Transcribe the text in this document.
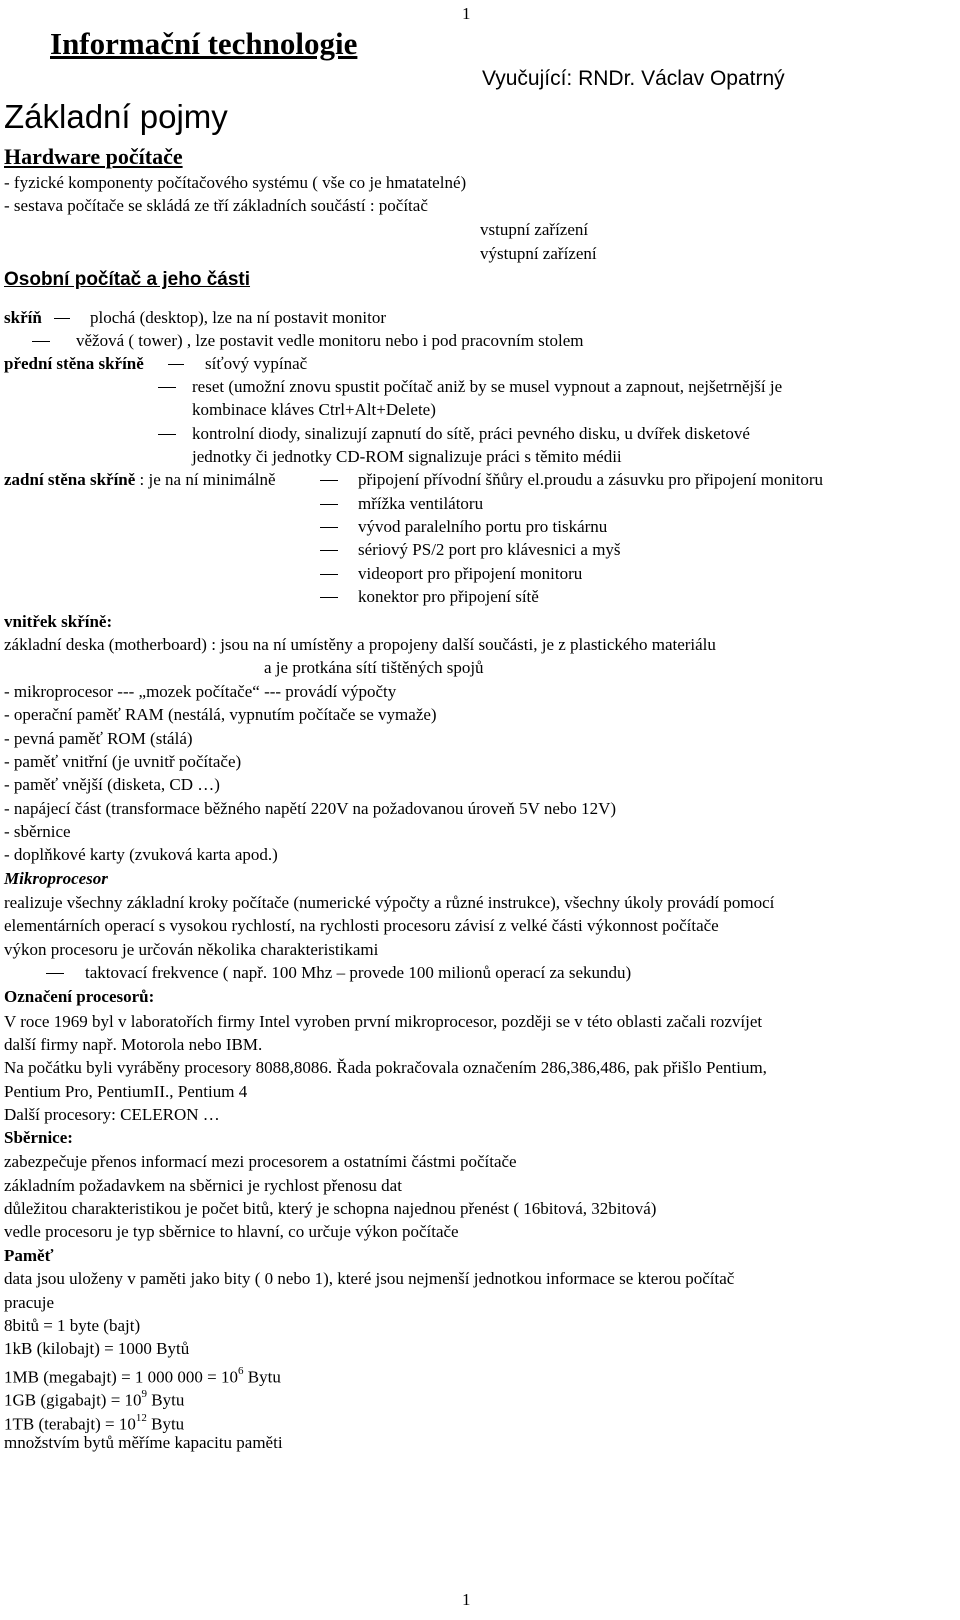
1
Informační technologie
Vyučující: RNDr. Václav Opatrný
Základní pojmy
Hardware počítače
- fyzické komponenty počítačového systému ( vše co je hmatatelné)
- sestava počítače se skládá ze tří základních součástí : počítač
vstupní zařízení
výstupní zařízení
Osobní počítač a jeho části
skříň	plochá (desktop), lze na ní postavit monitor
věžová ( tower) , lze postavit vedle monitoru nebo i pod pracovním stolem
přední stěna skříně	síťový vypínač
reset (umožní znovu spustit počítač aniž by se musel vypnout a zapnout, nejšetrnější je
kombinace kláves Ctrl+Alt+Delete)
kontrolní diody, sinalizují zapnutí do sítě, práci pevného disku, u dvířek disketové
jednotky či jednotky CD-ROM signalizuje práci s těmito médii
zadní stěna skříně : je na ní minimálně	připojení přívodní šňůry el.proudu a zásuvku pro připojení monitoru
mřížka ventilátoru
vývod paralelního portu pro tiskárnu
sériový PS/2 port pro klávesnici a myš
videoport pro připojení monitoru
konektor pro připojení sítě
vnitřek skříně:
základní deska (motherboard) : jsou na ní umístěny a propojeny další součásti, je z plastického materiálu
a je protkána sítí tištěných spojů
- mikroprocesor --- „mozek počítače“ --- provádí výpočty
- operační paměť RAM (nestálá, vypnutím počítače se vymaže)
- pevná paměť ROM (stálá)
- paměť vnitřní (je uvnitř počítače)
- paměť vnější (disketa, CD …)
- napájecí část (transformace běžného napětí 220V na požadovanou úroveň 5V nebo 12V)
- sběrnice
- doplňkové karty (zvuková karta apod.)
Mikroprocesor
realizuje všechny základní kroky počítače (numerické výpočty a různé instrukce), všechny úkoly provádí pomocí
elementárních operací s vysokou rychlostí, na rychlosti procesoru závisí z velké části výkonnost počítače
výkon procesoru je určován několika charakteristikami
taktovací frekvence ( např. 100 Mhz – provede 100 milionů operací za sekundu)
Označení procesorů:
V roce 1969 byl v laboratořích firmy Intel vyroben první mikroprocesor, později se v této oblasti začali rozvíjet
další firmy např. Motorola nebo IBM.
Na počátku byli vyráběny procesory 8088,8086. Řada pokračovala označením 286,386,486, pak přišlo Pentium,
Pentium Pro, PentiumII., Pentium 4
Další procesory: CELERON …
Sběrnice:
zabezpečuje přenos informací mezi procesorem a ostatními částmi počítače
základním požadavkem na sběrnici je rychlost přenosu dat
důležitou charakteristikou je počet bitů, který je schopna najednou přenést ( 16bitová, 32bitová)
vedle procesoru je typ sběrnice to hlavní, co určuje výkon počítače
Paměť
data jsou uloženy v paměti jako bity ( 0 nebo 1), které jsou nejmenší jednotkou informace se kterou počítač
pracuje
8bitů = 1 byte (bajt)
1kB (kilobajt) = 1000 Bytů
1MB (megabajt) = 1 000 $000 = 10^6$ Bytu
1GB (gigabajt) = $10^9$ Bytu
1TB (terabajt) = $10^{12}$ Bytu
množstvím bytů měříme kapacitu paměti
1
